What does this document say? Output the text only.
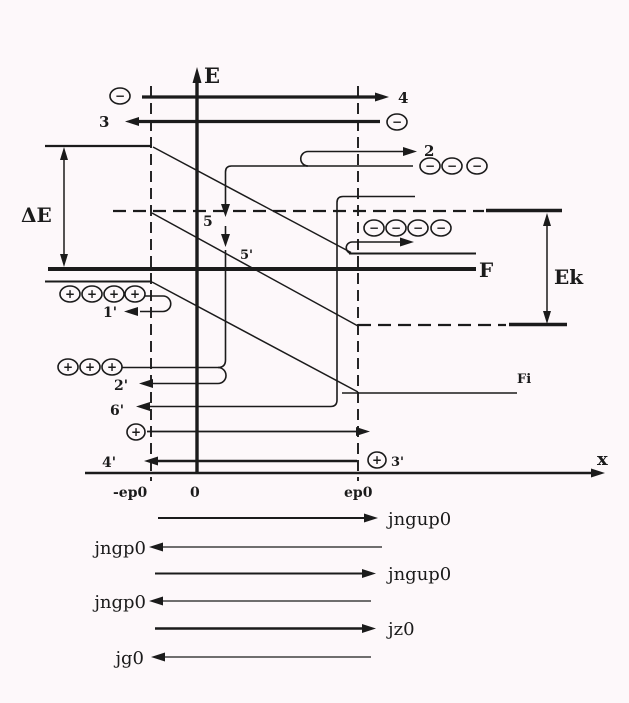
E
x
0
-ep0	ep0
4
3
F
Fi
ΔE
Ek
2
5
5'
6'
1'
2'
4'	3'
−
−
− − −
− − − −
+ + + +
+ + +
+
+
jngup0
jngp0
jngup0
jngp0
jz0
jg0
